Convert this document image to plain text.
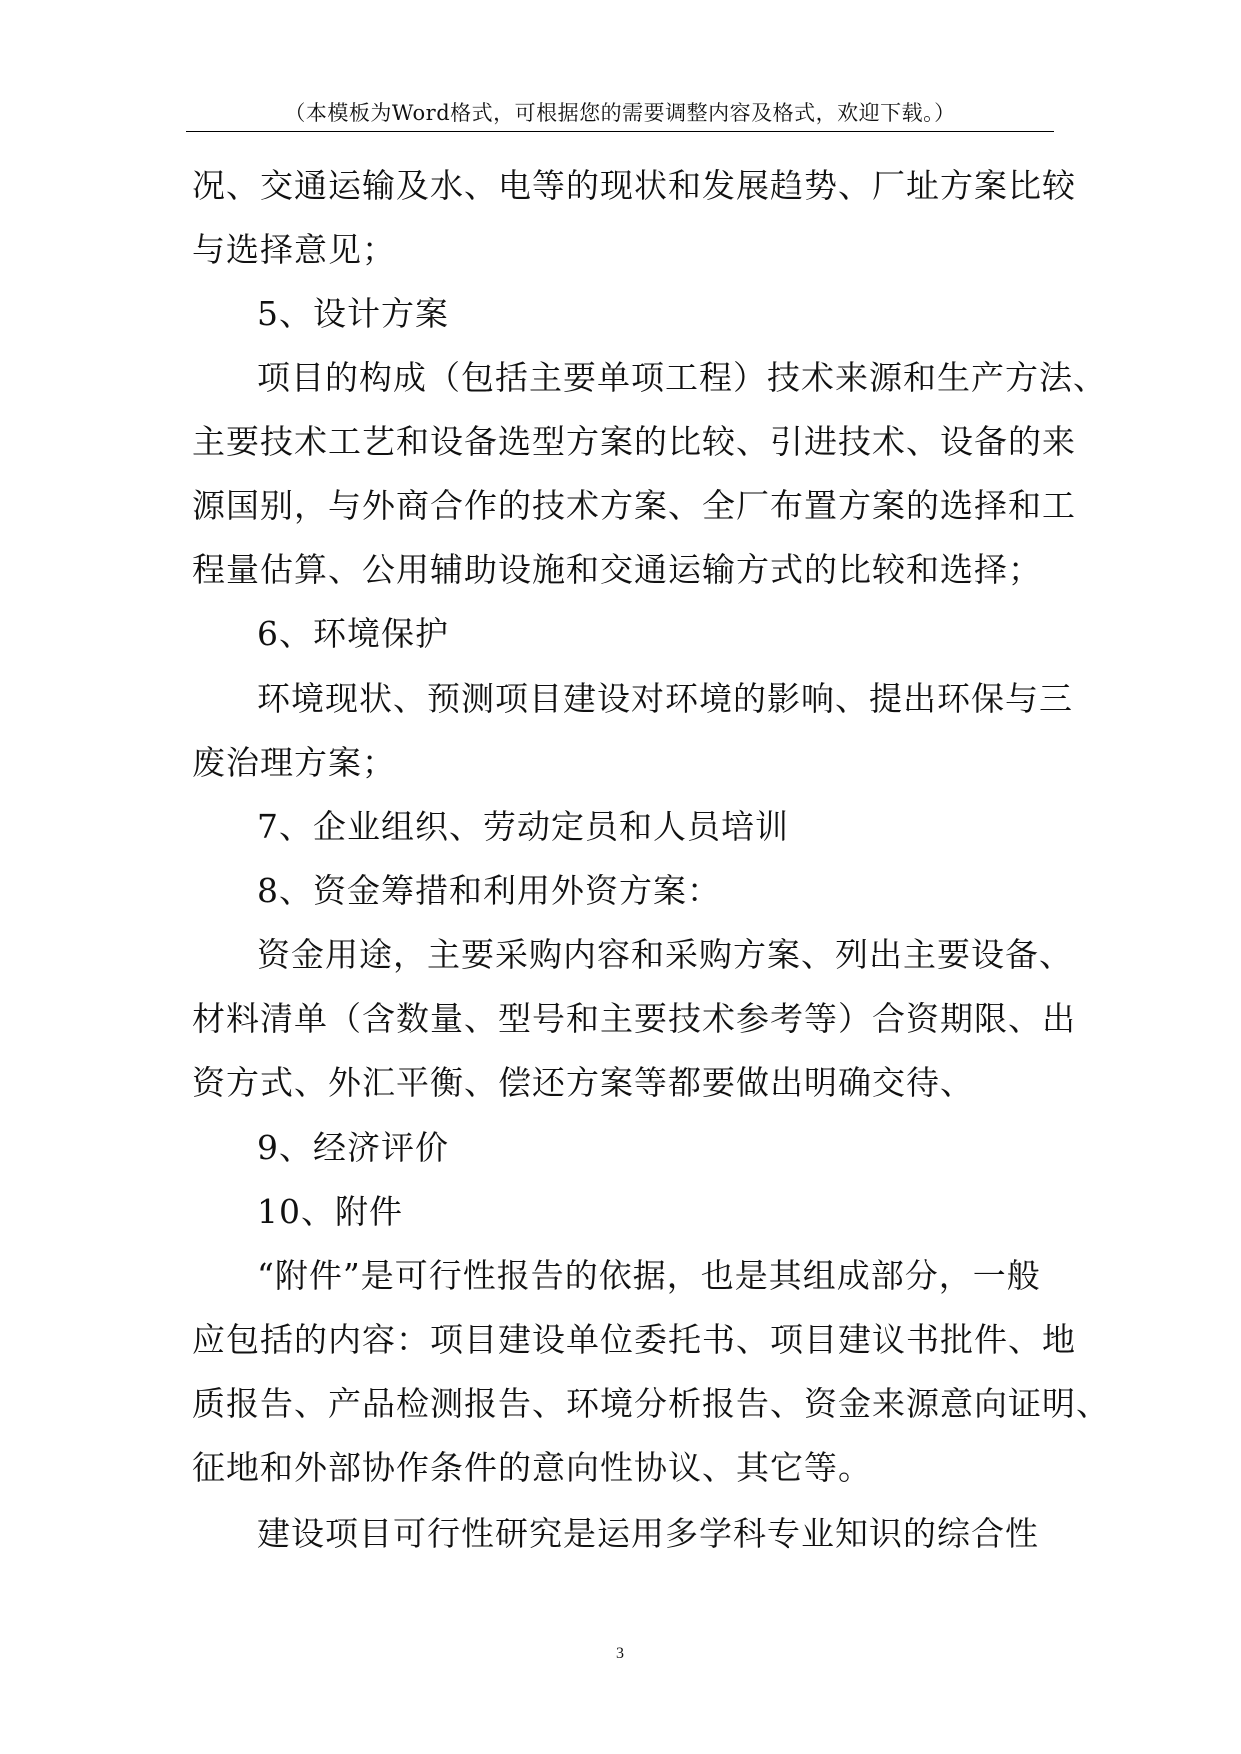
（本模板为Word格式，可根据您的需要调整内容及格式，欢迎下载。）
况、交通运输及水、电等的现状和发展趋势、厂址方案比较
与选择意见；
5、设计方案
项目的构成（包括主要单项工程）技术来源和生产方法、
主要技术工艺和设备选型方案的比较、引进技术、设备的来
源国别，与外商合作的技术方案、全厂布置方案的选择和工
程量估算、公用辅助设施和交通运输方式的比较和选择；
6、环境保护
环境现状、预测项目建设对环境的影响、提出环保与三
废治理方案；
7、企业组织、劳动定员和人员培训
8、资金筹措和利用外资方案：
资金用途，主要采购内容和采购方案、列出主要设备、
材料清单（含数量、型号和主要技术参考等）合资期限、出
资方式、外汇平衡、偿还方案等都要做出明确交待、
9、经济评价
10、附件
“附件”是可行性报告的依据，也是其组成部分，一般
应包括的内容：项目建设单位委托书、项目建议书批件、地
质报告、产品检测报告、环境分析报告、资金来源意向证明、
征地和外部协作条件的意向性协议、其它等。
建设项目可行性研究是运用多学科专业知识的综合性
3
